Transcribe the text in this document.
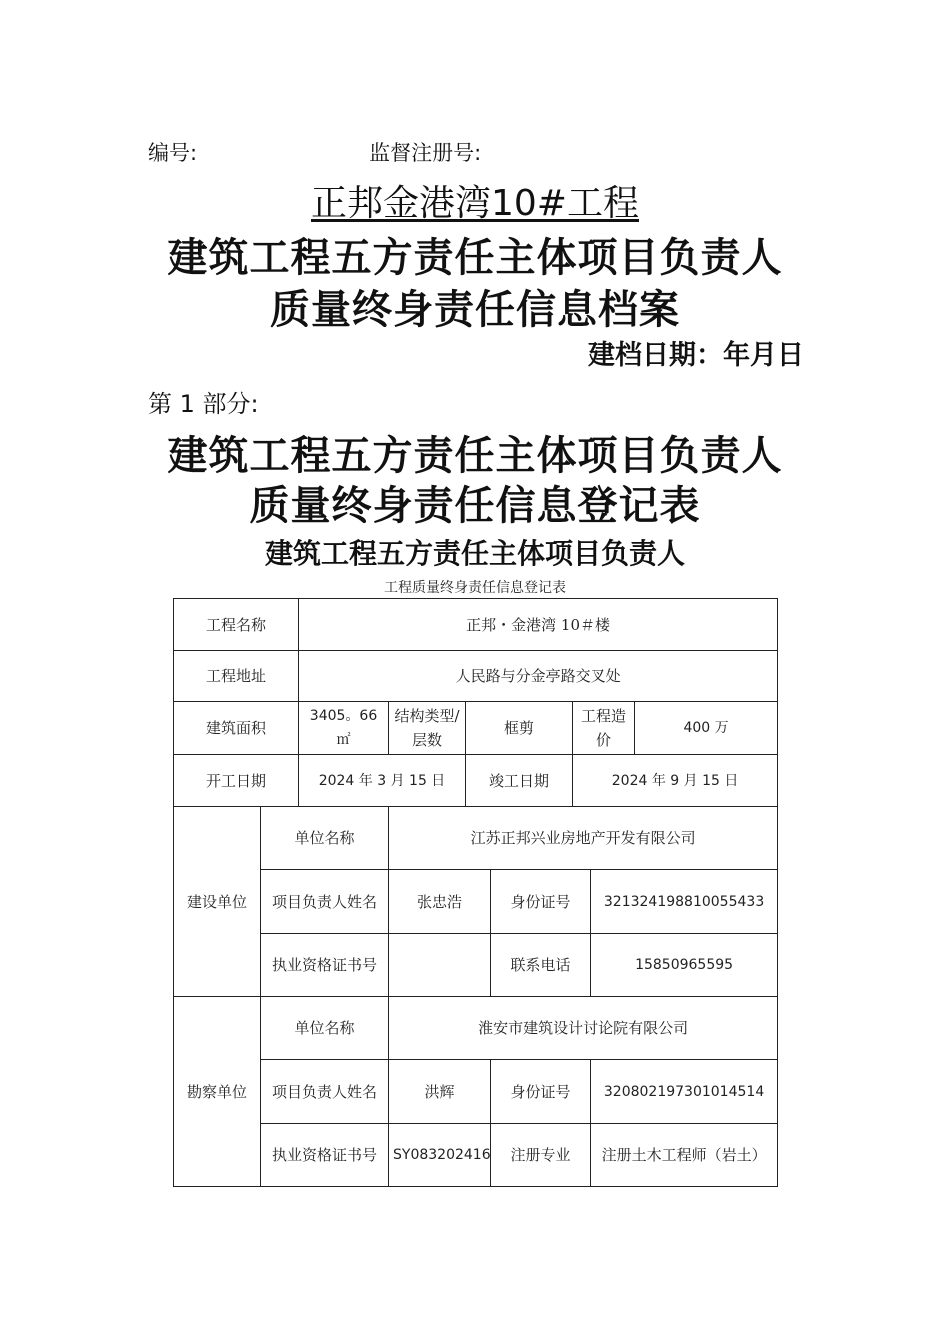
编号:	监督注册号:
正邦金港湾10#工程
建筑工程五方责任主体项目负责人
质量终身责任信息档案
建档日期：年月日
第 1 部分:
建筑工程五方责任主体项目负责人
质量终身责任信息登记表
建筑工程五方责任主体项目负责人
工程质量终身责任信息登记表
工程名称		正邦・金港湾 10＃楼						
工程地址		人民路与分金亭路交叉处						
建筑面积		3405。66 ㎡	结构类型/层数	框剪		工程造价		400 万
开工日期		2024 年 3 月 15 日		竣工日期		2024 年 9 月 15 日		
建设单位	单位名称		江苏正邦兴业房地产开发有限公司					
	项目负责人姓名		张忠浩		身份证号		321324198810055433	
	执业资格证书号				联系电话		15850965595	
勘察单位	单位名称		淮安市建筑设计讨论院有限公司					
	项目负责人姓名		洪辉		身份证号		320802197301014514	
	执业资格证书号		SY083202416		注册专业		注册土木工程师（岩土）	
